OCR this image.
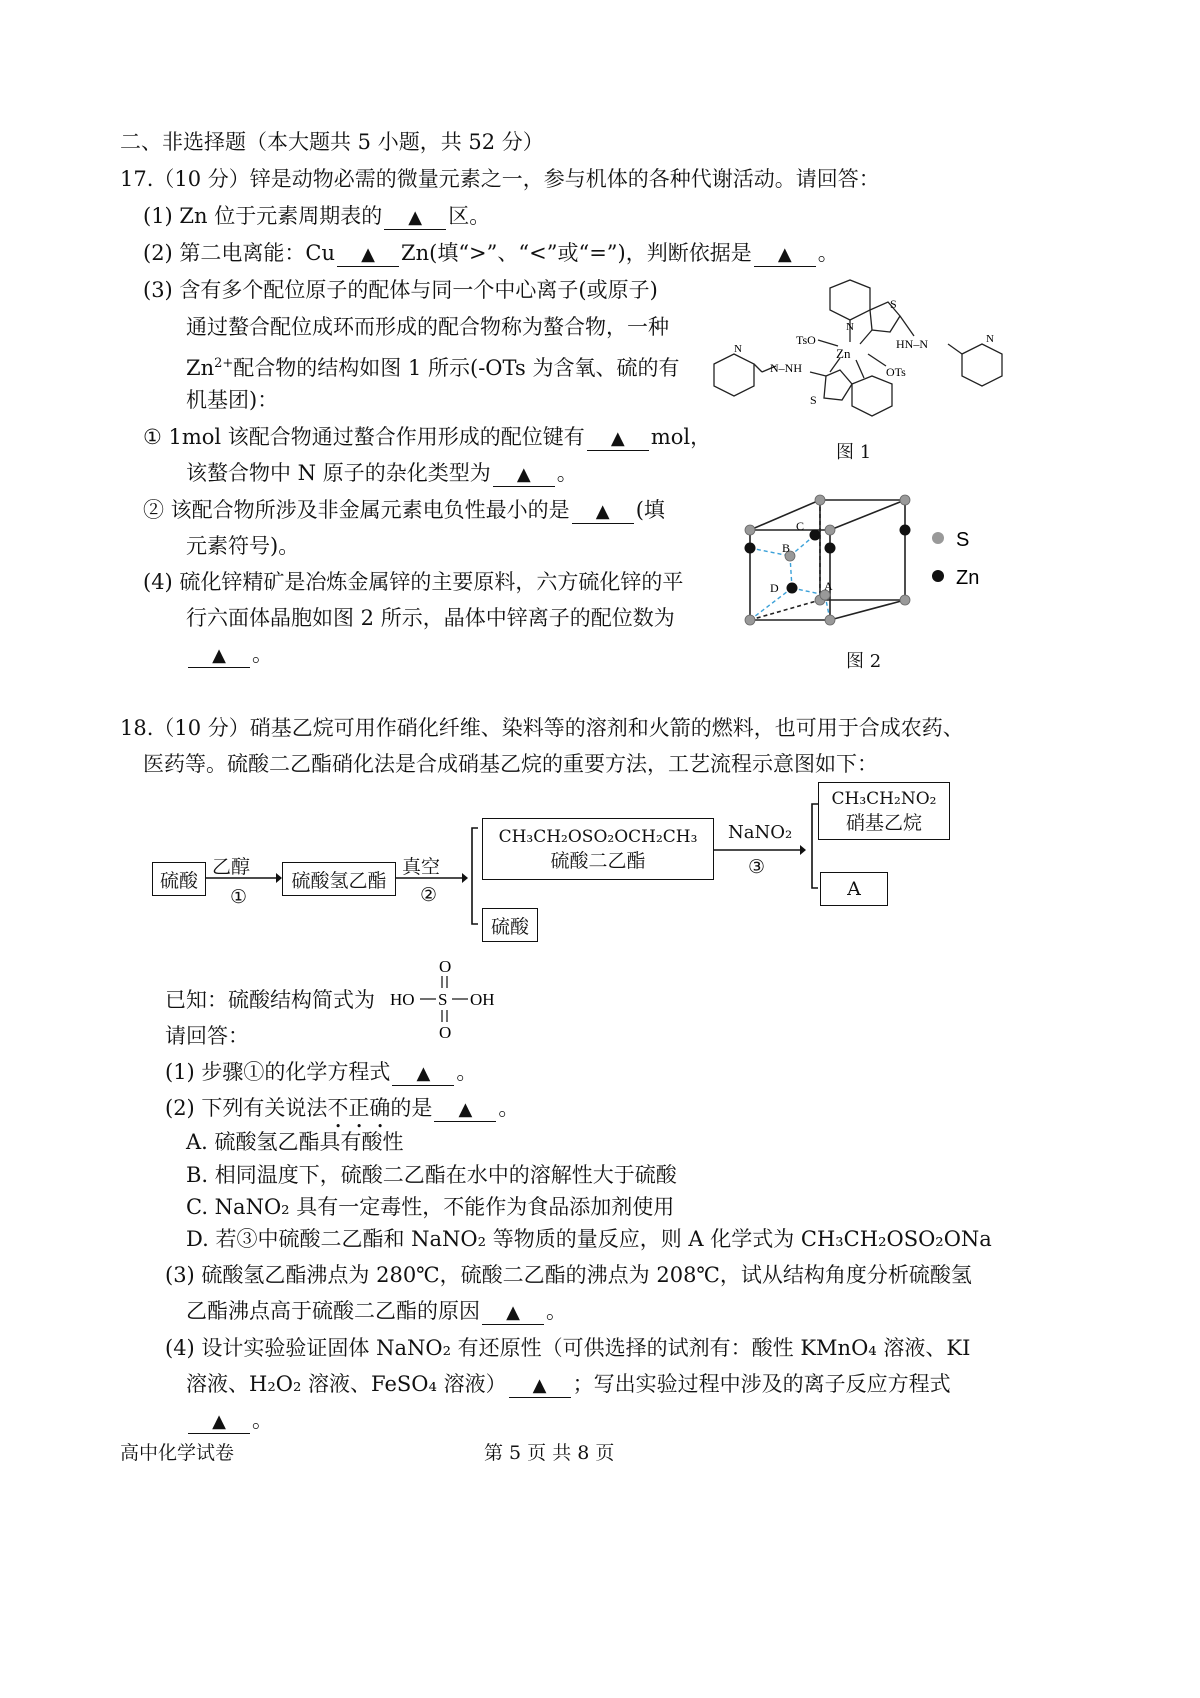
二、非选择题（本大题共 5 小题，共 52 分）
17.（10 分）锌是动物必需的微量元素之一，参与机体的各种代谢活动。请回答：
(1) Zn 位于元素周期表的 ▲ 区。
(2) 第二电离能：Cu ▲ Zn(填“>”、“<”或“=”)，判断依据是 ▲ 。
(3) 含有多个配位原子的配体与同一个中心离子(或原子)
通过螯合配位成环而形成的配合物称为螯合物，一种
$Zn^{2+}$配合物的结构如图 1 所示(-OTs 为含氧、硫的有
机基团)：
① 1mol 该配合物通过螯合作用形成的配位键有 ▲ mol，
该螯合物中 N 原子的杂化类型为 ▲ 。
② 该配合物所涉及非金属元素电负性最小的是 ▲ (填
元素符号)。
(4) 硫化锌精矿是冶炼金属锌的主要原料，六方硫化锌的平
行六面体晶胞如图 2 所示，晶体中锌离子的配位数为
▲ 。
Zn
TsO
OTs
HN–N
N–NH
S
S
N
N
N
图 1
B
C
D	A
S
Zn
图 2
18.（10 分）硝基乙烷可用作硝化纤维、染料等的溶剂和火箭的燃料，也可用于合成农药、
医药等。硫酸二乙酯硝化法是合成硝基乙烷的重要方法，工艺流程示意图如下：
硫酸
乙醇
①
硫酸氢乙酯
真空
②
CH₃CH₂OSO₂OCH₂CH₃
硫酸二乙酯
硫酸
NaNO₂
③
CH₃CH₂NO₂
硝基乙烷
A
已知：硫酸结构简式为
O
HO S OH
O
请回答：
(1) 步骤①的化学方程式 ▲ 。
(2) 下列有关说法不正确的是 ▲ 。
A. 硫酸氢乙酯具有酸性
B. 相同温度下，硫酸二乙酯在水中的溶解性大于硫酸
C. NaNO₂ 具有一定毒性，不能作为食品添加剂使用
D. 若③中硫酸二乙酯和 NaNO₂ 等物质的量反应，则 A 化学式为 CH₃CH₂OSO₂ONa
(3) 硫酸氢乙酯沸点为 280℃，硫酸二乙酯的沸点为 208℃，试从结构角度分析硫酸氢
乙酯沸点高于硫酸二乙酯的原因 ▲ 。
(4) 设计实验验证固体 NaNO₂ 有还原性（可供选择的试剂有：酸性 KMnO₄ 溶液、KI
溶液、H₂O₂ 溶液、FeSO₄ 溶液） ▲ ；写出实验过程中涉及的离子反应方程式
▲ 。
高中化学试卷	第 5 页 共 8 页
